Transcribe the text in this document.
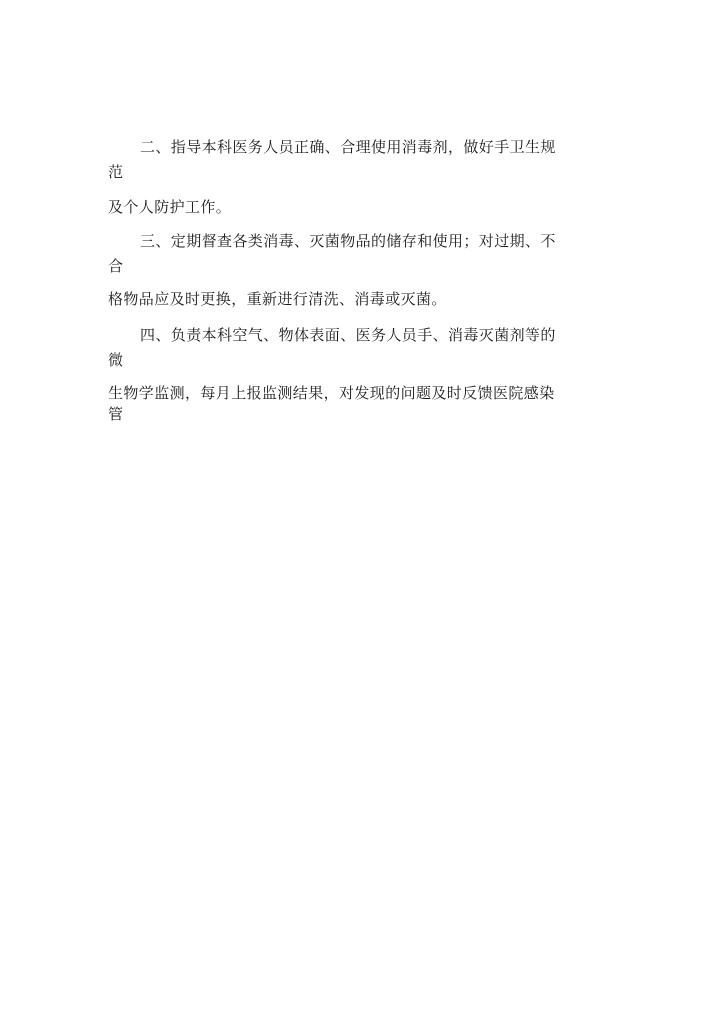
二、指导本科医务人员正确、合理使用消毒剂，做好手卫生规

范

及个人防护工作。

三、定期督查各类消毒、灭菌物品的储存和使用；对过期、不

合

格物品应及时更换，重新进行清洗、消毒或灭菌。

四、负责本科空气、物体表面、医务人员手、消毒灭菌剂等的

微

生物学监测，每月上报监测结果，对发现的问题及时反馈医院感染

管
